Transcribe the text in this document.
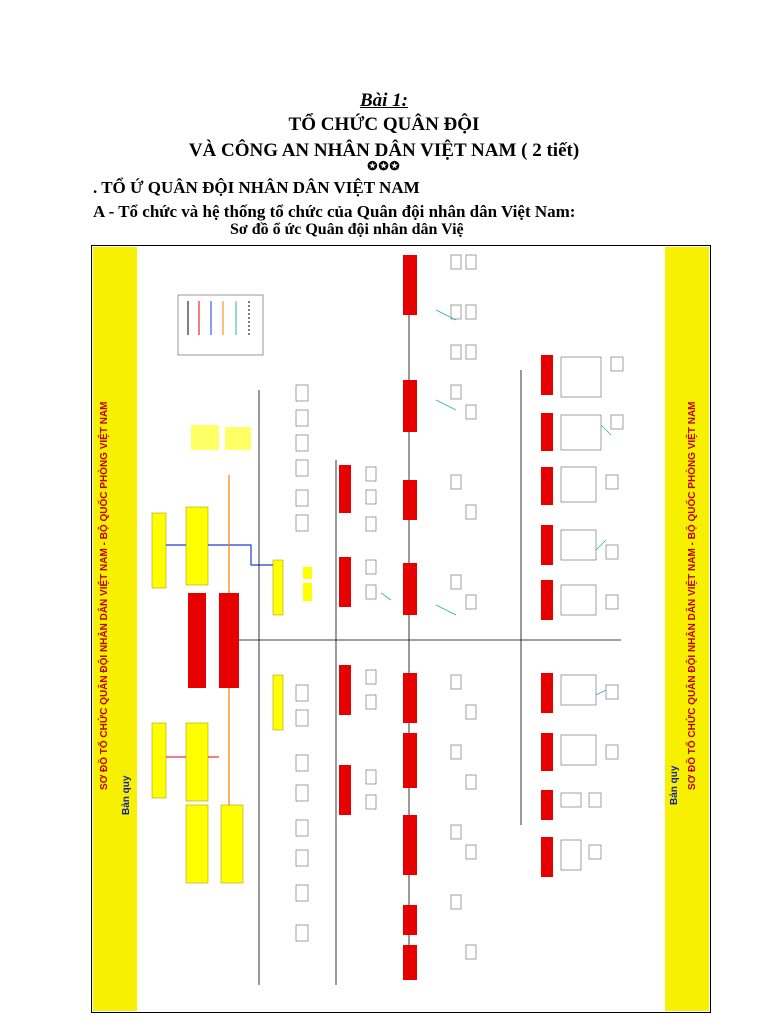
Bài 1:
TỔ CHỨC QUÂN ĐỘI
VÀ CÔNG AN NHÂN DÂN VIỆT NAM ( 2 tiết)
✪✪✪
. TỔ Ứ QUÂN ĐỘI NHÂN DÂN VIỆT NAM
A - Tổ chức và hệ thống tổ chức của Quân đội nhân dân Việt Nam:
Sơ đồ ổ ức Quân đội nhân dân Việ
SƠ ĐỒ TỔ CHỨC QUÂN ĐỘI NHÂN DÂN VIỆT NAM - BỘ QUỐC PHÒNG VIỆT NAM
Bản quy
SƠ ĐỒ TỔ CHỨC QUÂN ĐỘI NHÂN DÂN VIỆT NAM - BỘ QUỐC PHÒNG VIỆT NAM
Bản quy
